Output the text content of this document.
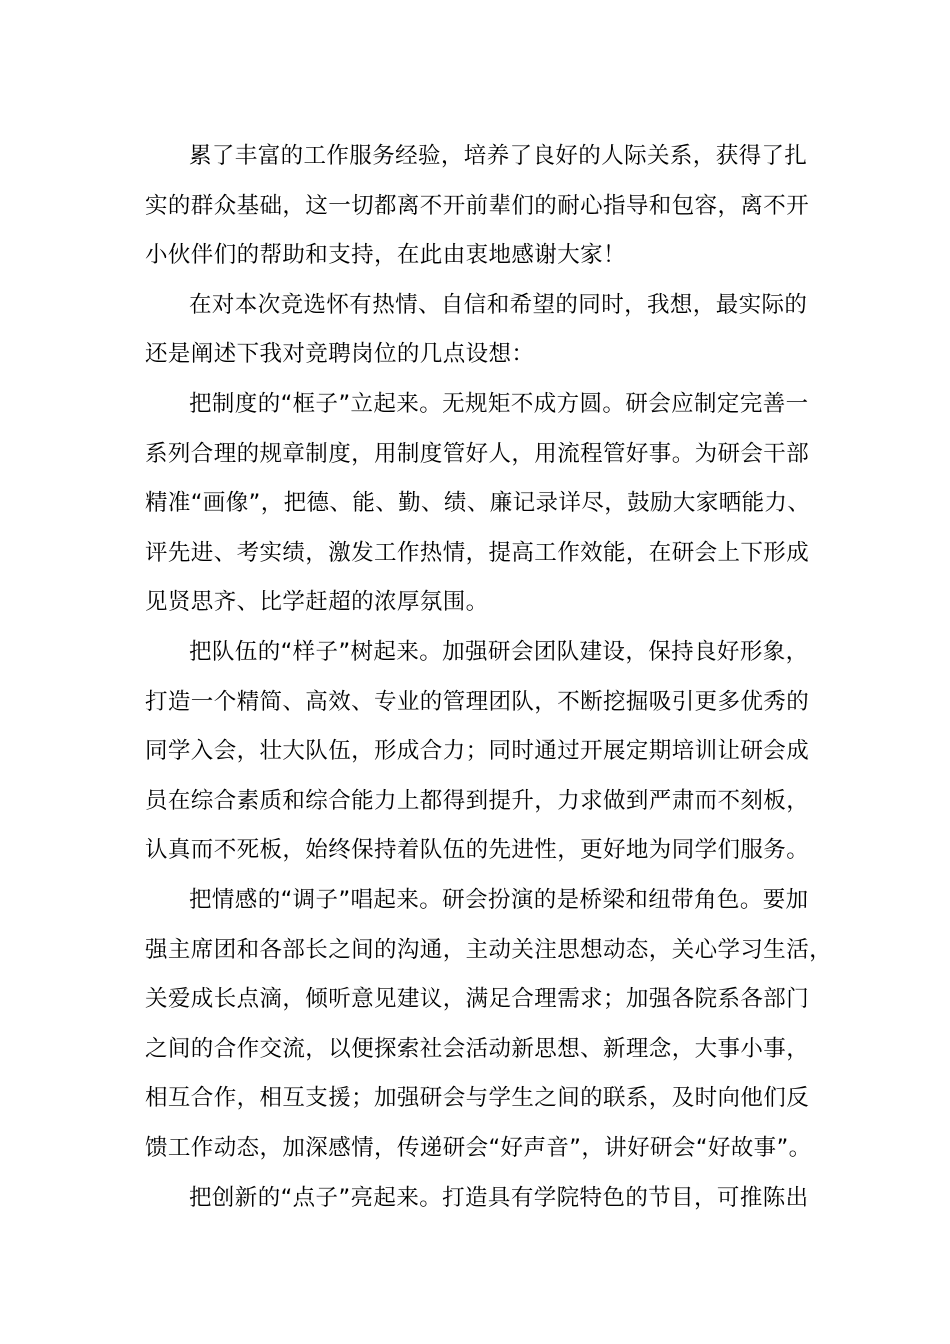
累了丰富的工作服务经验，培养了良好的人际关系，获得了扎

实的群众基础，这一切都离不开前辈们的耐心指导和包容，离不开

小伙伴们的帮助和支持，在此由衷地感谢大家！

在对本次竞选怀有热情、自信和希望的同时，我想，最实际的

还是阐述下我对竞聘岗位的几点设想：

把制度的“框子”立起来。无规矩不成方圆。研会应制定完善一

系列合理的规章制度，用制度管好人，用流程管好事。为研会干部

精准“画像”，把德、能、勤、绩、廉记录详尽，鼓励大家晒能力、

评先进、考实绩，激发工作热情，提高工作效能，在研会上下形成

见贤思齐、比学赶超的浓厚氛围。

把队伍的“样子”树起来。加强研会团队建设，保持良好形象，

打造一个精简、高效、专业的管理团队，不断挖掘吸引更多优秀的

同学入会，壮大队伍，形成合力；同时通过开展定期培训让研会成

员在综合素质和综合能力上都得到提升，力求做到严肃而不刻板，

认真而不死板，始终保持着队伍的先进性，更好地为同学们服务。

把情感的“调子”唱起来。研会扮演的是桥梁和纽带角色。要加

强主席团和各部长之间的沟通，主动关注思想动态，关心学习生活，

关爱成长点滴，倾听意见建议，满足合理需求；加强各院系各部门

之间的合作交流，以便探索社会活动新思想、新理念，大事小事，

相互合作，相互支援；加强研会与学生之间的联系，及时向他们反

馈工作动态，加深感情，传递研会“好声音”，讲好研会“好故事”。

把创新的“点子”亮起来。打造具有学院特色的节目，可推陈出
